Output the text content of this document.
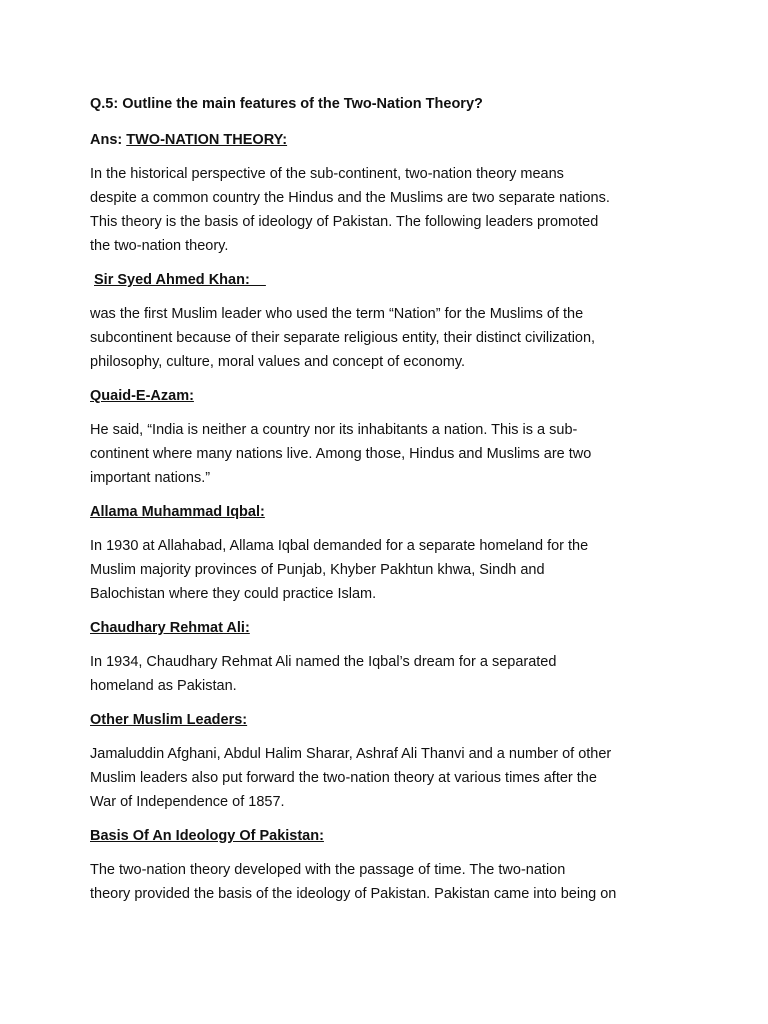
Q.5: Outline the main features of the Two-Nation Theory?

Ans: TWO-NATION THEORY:

In the historical perspective of the sub-continent, two-nation theory means
despite a common country the Hindus and the Muslims are two separate nations.
This theory is the basis of ideology of Pakistan. The following leaders promoted
the two-nation theory.

Sir Syed Ahmed Khan:

was the first Muslim leader who used the term “Nation” for the Muslims of the
subcontinent because of their separate religious entity, their distinct civilization,
philosophy, culture, moral values and concept of economy.

Quaid-E-Azam:

He said, “India is neither a country nor its inhabitants a nation. This is a sub-
continent where many nations live. Among those, Hindus and Muslims are two
important nations.”

Allama Muhammad Iqbal:

In 1930 at Allahabad, Allama Iqbal demanded for a separate homeland for the
Muslim majority provinces of Punjab, Khyber Pakhtun khwa, Sindh and
Balochistan where they could practice Islam.

Chaudhary Rehmat Ali:

In 1934, Chaudhary Rehmat Ali named the Iqbal’s dream for a separated
homeland as Pakistan.

Other Muslim Leaders:

Jamaluddin Afghani, Abdul Halim Sharar, Ashraf Ali Thanvi and a number of other
Muslim leaders also put forward the two-nation theory at various times after the
War of Independence of 1857.

Basis Of An Ideology Of Pakistan:

The two-nation theory developed with the passage of time. The two-nation
theory provided the basis of the ideology of Pakistan. Pakistan came into being on
